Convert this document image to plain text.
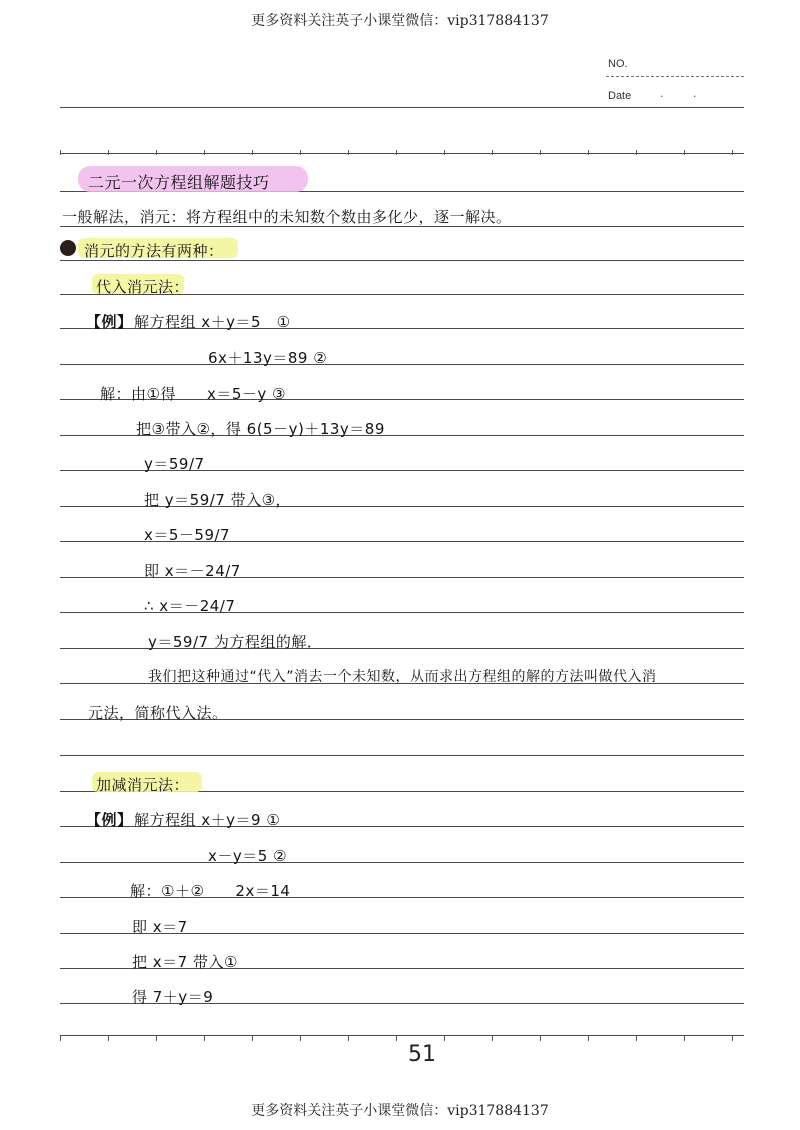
更多资料关注英子小课堂微信：vip317884137
NO.
Date	·	·
二元一次方程组解题技巧
一般解法，消元：将方程组中的未知数个数由多化少，逐一解决。
消元的方法有两种：
代入消元法：
【例】 解方程组 x＋y＝5　①
6x＋13y＝89 ②
解：由①得　　x＝5－y ③
把③带入②，得 6(5－y)＋13y＝89
y＝59/7
把 y＝59/7 带入③，
x＝5－59/7
即 x＝－24/7
∴ x＝－24/7
y＝59/7 为方程组的解．
我们把这种通过“代入”消去一个未知数，从而求出方程组的解的方法叫做代入消
元法，简称代入法。
加减消元法：
【例】 解方程组 x＋y＝9 ①
x－y＝5 ②
解：①＋②　　2x＝14
即 x＝7
把 x＝7 带入①
得 7＋y＝9
51
更多资料关注英子小课堂微信：vip317884137
